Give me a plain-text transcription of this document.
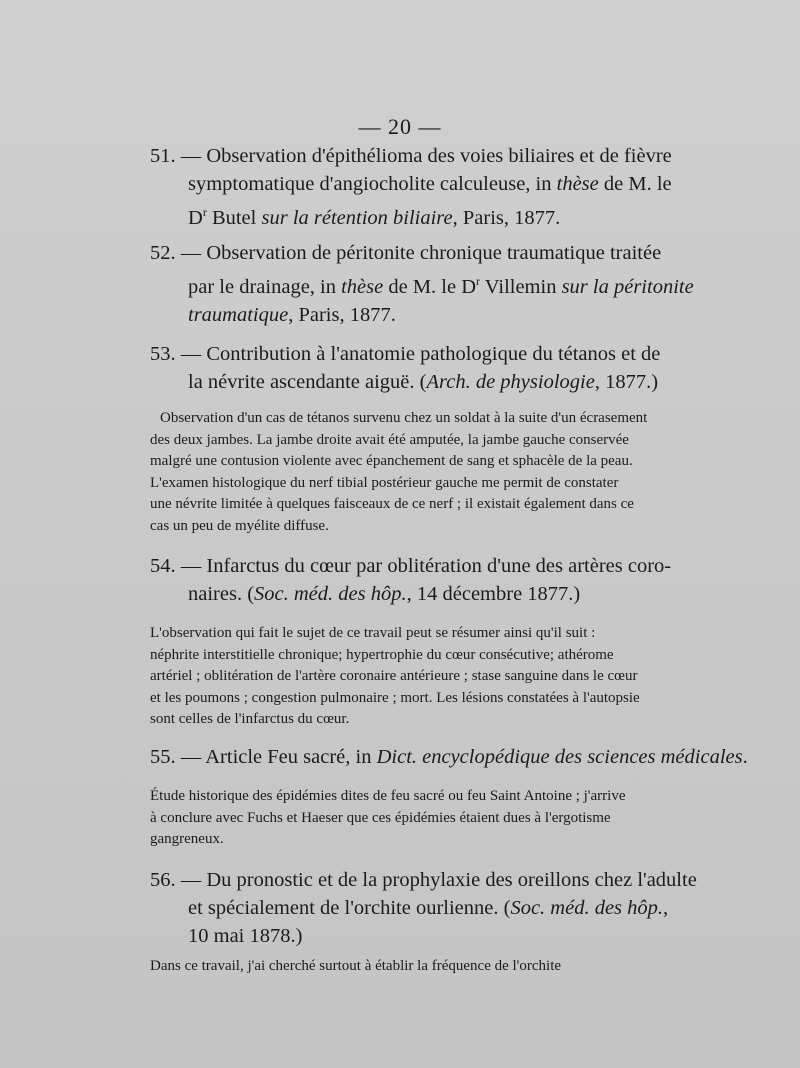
— 20 —
51. — Observation d'épithélioma des voies biliaires et de fièvre
symptomatique d'angiocholite calculeuse, in thèse de M. le
$D^r$ Butel sur la rétention biliaire, Paris, 1877.
52. — Observation de péritonite chronique traumatique traitée
par le drainage, in thèse de M. le $D^r$ Villemin sur la péritonite
traumatique, Paris, 1877.
53. — Contribution à l'anatomie pathologique du tétanos et de
la névrite ascendante aiguë. (Arch. de physiologie, 1877.)
Observation d'un cas de tétanos survenu chez un soldat à la suite d'un écrasement
des deux jambes. La jambe droite avait été amputée, la jambe gauche conservée
malgré une contusion violente avec épanchement de sang et sphacèle de la peau.
L'examen histologique du nerf tibial postérieur gauche me permit de constater
une névrite limitée à quelques faisceaux de ce nerf ; il existait également dans ce
cas un peu de myélite diffuse.
54. — Infarctus du cœur par oblitération d'une des artères coro-
naires. (Soc. méd. des hôp., 14 décembre 1877.)
L'observation qui fait le sujet de ce travail peut se résumer ainsi qu'il suit :
néphrite interstitielle chronique; hypertrophie du cœur consécutive; athérome
artériel ; oblitération de l'artère coronaire antérieure ; stase sanguine dans le cœur
et les poumons ; congestion pulmonaire ; mort. Les lésions constatées à l'autopsie
sont celles de l'infarctus du cœur.
55. — Article Feu sacré, in Dict. encyclopédique des sciences médicales.
Étude historique des épidémies dites de feu sacré ou feu Saint Antoine ; j'arrive
à conclure avec Fuchs et Haeser que ces épidémies étaient dues à l'ergotisme
gangreneux.
56. — Du pronostic et de la prophylaxie des oreillons chez l'adulte
et spécialement de l'orchite ourlienne. (Soc. méd. des hôp.,
10 mai 1878.)
Dans ce travail, j'ai cherché surtout à établir la fréquence de l'orchite
